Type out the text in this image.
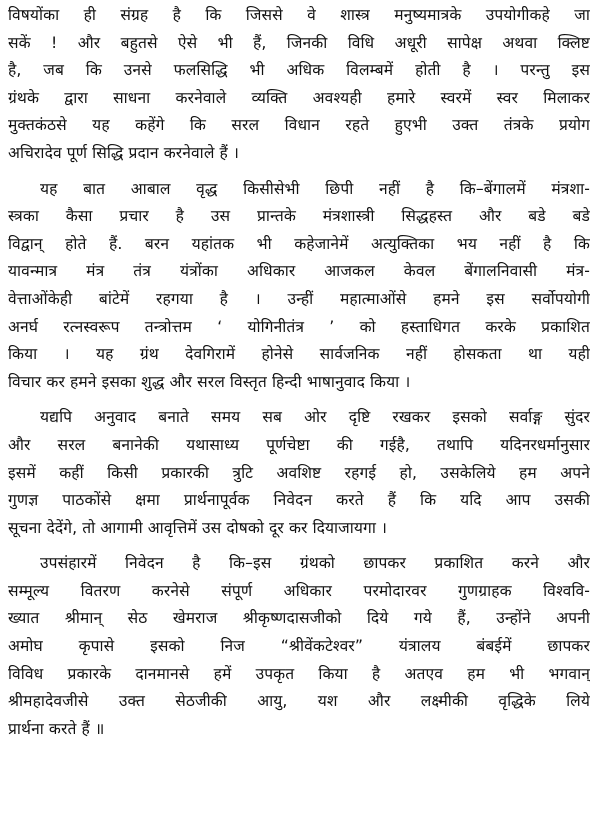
विषयोंका ही संग्रह है कि जिससे वे शास्त्र मनुष्यमात्रके उपयोगीकहे जा
सकें ! और बहुतसे ऐसे भी हैं, जिनकी विधि अधूरी सापेक्ष अथवा क्लिष्ट
है, जब कि उनसे फलसिद्धि भी अधिक विलम्बमें होती है । परन्तु इस
ग्रंथके द्वारा साधना करनेवाले व्यक्ति अवश्यही हमारे स्वरमें स्वर मिलाकर
मुक्तकंठसे यह कहेंगे कि सरल विधान रहते हुएभी उक्त तंत्रके प्रयोग
अचिरादेव पूर्ण सिद्धि प्रदान करनेवाले हैं ।
यह बात आबाल वृद्ध किसीसेभी छिपी नहीं है कि–बेंगालमें मंत्रशा-
स्त्रका कैसा प्रचार है उस प्रान्तके मंत्रशास्त्री सिद्धहस्त और बडे बडे
विद्वान् होते हैं. बरन यहांतक भी कहेजानेमें अत्युक्तिका भय नहीं है कि
यावन्मात्र मंत्र तंत्र यंत्रोंका अधिकार आजकल केवल बेंगालनिवासी मंत्र-
वेत्ताओंकेही बांटेमें रहगया है । उन्हीं महात्माओंसे हमने इस सर्वोपयोगी
अनर्घ रत्नस्वरूप तन्त्रोत्तम ‘ योगिनीतंत्र ’ को हस्ताधिगत करके प्रकाशित
किया । यह ग्रंथ देवगिरामें होनेसे सार्वजनिक नहीं होसकता था यही
विचार कर हमने इसका शुद्ध और सरल विस्तृत हिन्दी भाषानुवाद किया ।
यद्यपि अनुवाद बनाते समय सब ओर दृष्टि रखकर इसको सर्वाङ्ग सुंदर
और सरल बनानेकी यथासाध्य पूर्णचेष्टा की गईहै, तथापि यदिनरधर्मानुसार
इसमें कहीं किसी प्रकारकी त्रुटि अवशिष्ट रहगई हो, उसकेलिये हम अपने
गुणज्ञ पाठकोंसे क्षमा प्रार्थनापूर्वक निवेदन करते हैं कि यदि आप उसकी
सूचना देदेंगे, तो आगामी आवृत्तिमें उस दोषको दूर कर दियाजायगा ।
उपसंहारमें निवेदन है कि–इस ग्रंथको छापकर प्रकाशित करने और
सम्मूल्य वितरण करनेसे संपूर्ण अधिकार परमोदारवर गुणग्राहक विश्ववि-
ख्यात श्रीमान् सेठ खेमराज श्रीकृष्णदासजीको दिये गये हैं, उन्होंने अपनी
अमोघ कृपासे इसको निज “श्रीवेंकटेश्वर” यंत्रालय बंबईमें छापकर
विविध प्रकारके दानमानसे हमें उपकृत किया है अतएव हम भी भगवान्
श्रीमहादेवजीसे उक्त सेठजीकी आयु, यश और लक्ष्मीकी वृद्धिके लिये
प्रार्थना करते हैं ॥
